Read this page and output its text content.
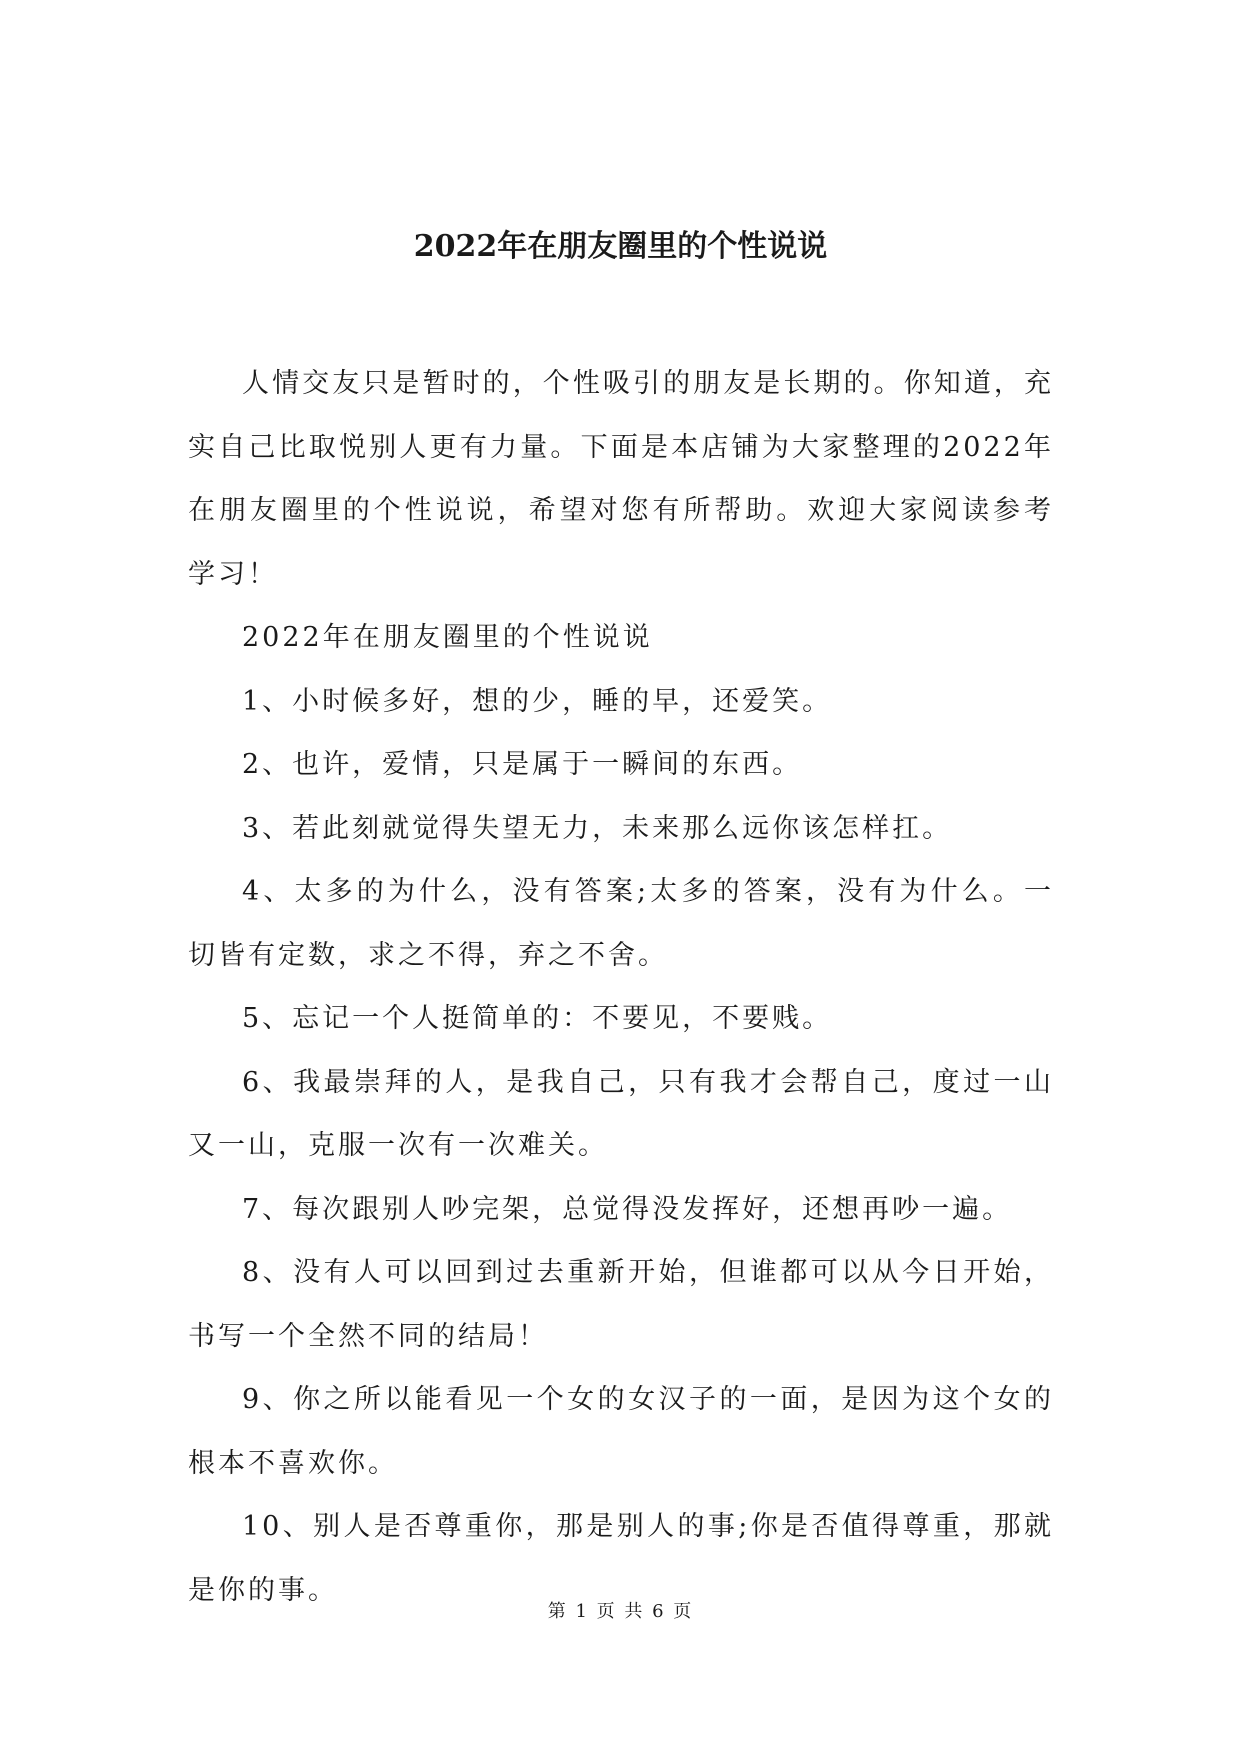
2022年在朋友圈里的个性说说

人情交友只是暂时的，个性吸引的朋友是长期的。你知道，充实自己比取悦别人更有力量。下面是本店铺为大家整理的2022年在朋友圈里的个性说说，希望对您有所帮助。欢迎大家阅读参考学习！

2022年在朋友圈里的个性说说

1、小时候多好，想的少，睡的早，还爱笑。

2、也许，爱情，只是属于一瞬间的东西。

3、若此刻就觉得失望无力，未来那么远你该怎样扛。

4、太多的为什么，没有答案;太多的答案，没有为什么。一切皆有定数，求之不得，弃之不舍。

5、忘记一个人挺简单的：不要见，不要贱。

6、我最崇拜的人，是我自己，只有我才会帮自己，度过一山又一山，克服一次有一次难关。

7、每次跟别人吵完架，总觉得没发挥好，还想再吵一遍。

8、没有人可以回到过去重新开始，但谁都可以从今日开始，书写一个全然不同的结局！

9、你之所以能看见一个女的女汉子的一面，是因为这个女的根本不喜欢你。

10、别人是否尊重你，那是别人的事;你是否值得尊重，那就是你的事。

第 1 页 共 6 页
